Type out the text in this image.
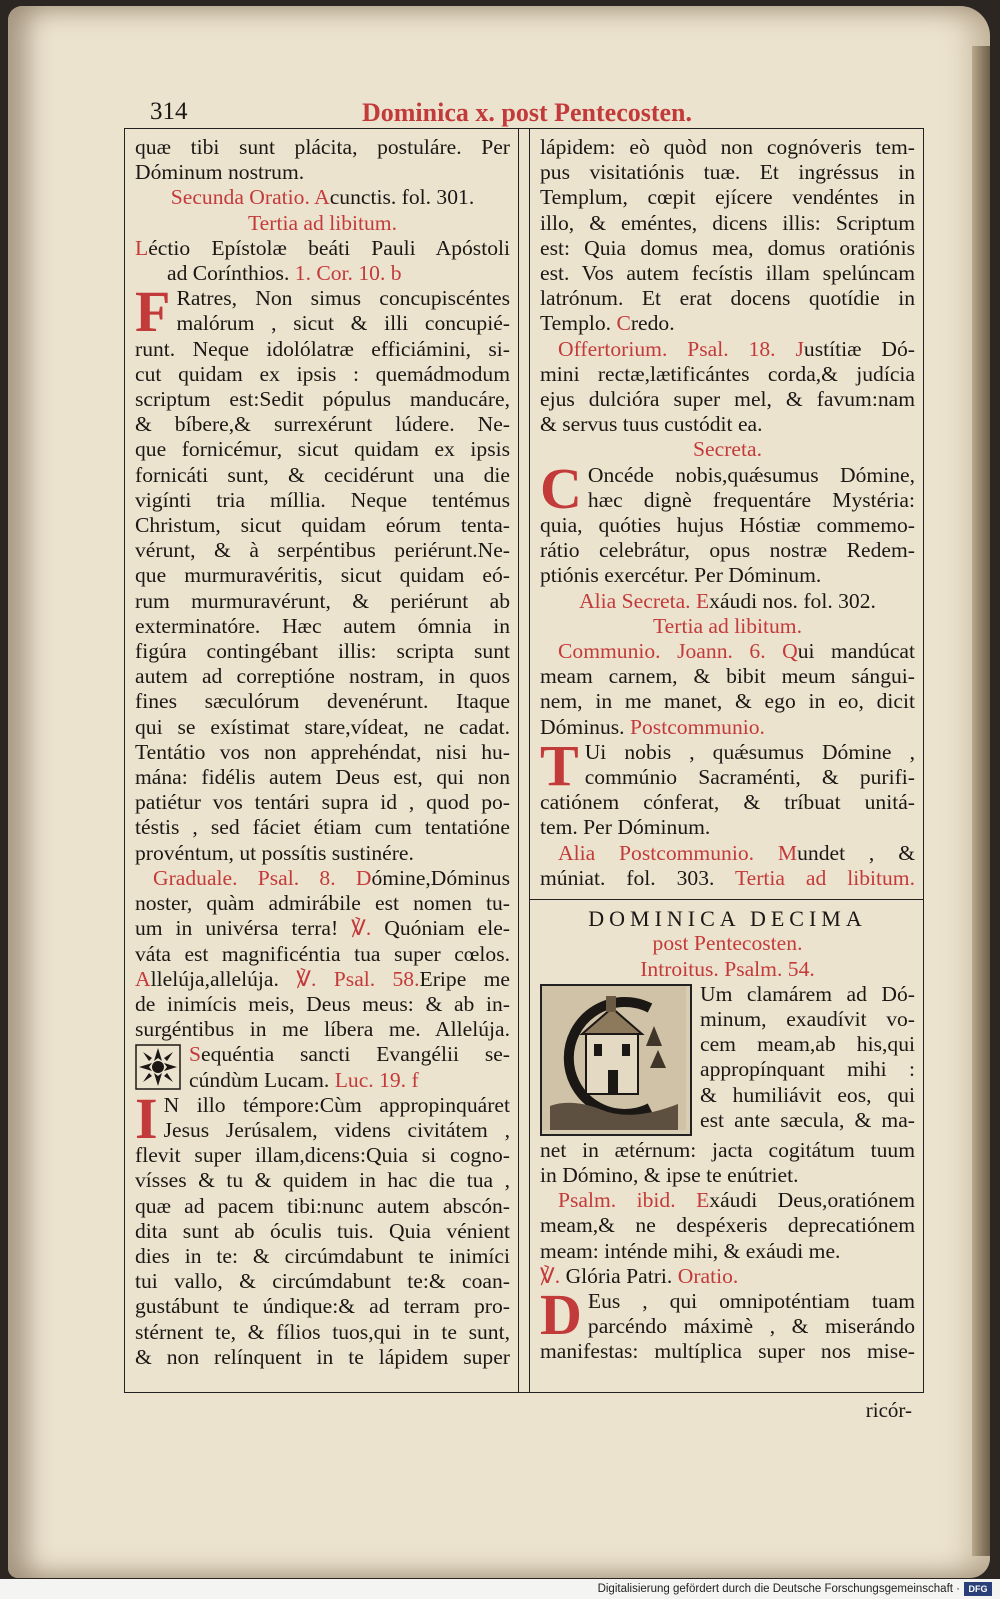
314	Dominica x. post Pentecosten.
quæ tibi sunt plácita, postuláre. Per
Dóminum nostrum.
Secunda Oratio. Acunctis. fol. 301.
Tertia ad libitum.
Léctio Epístolæ beáti Pauli Apóstoli
ad Corínthios. 1. Cor. 10. b
F Ratres, Non simus concupiscéntes
malórum , sicut & illi concupié-
runt. Neque idolólatræ efficiámini, si-
cut quidam ex ipsis : quemádmodum
scriptum est:Sedit pópulus manducáre,
& bíbere,& surrexérunt lúdere. Ne-
que fornicémur, sicut quidam ex ipsis
fornicáti sunt, & cecidérunt una die
vigínti tria míllia. Neque tentémus
Christum, sicut quidam eórum tenta-
vérunt, & à serpéntibus periérunt.Ne-
que murmuravéritis, sicut quidam eó-
rum murmuravérunt, & periérunt ab
exterminatóre. Hæc autem ómnia in
figúra contingébant illis: scripta sunt
autem ad correptióne nostram, in quos
fines sæculórum devenérunt. Itaque
qui se exístimat stare,vídeat, ne cadat.
Tentátio vos non apprehéndat, nisi hu-
mána: fidélis autem Deus est, qui non
patiétur vos tentári supra id , quod po-
téstis , sed fáciet étiam cum tentatióne
provéntum, ut possítis sustinére.
Graduale. Psal. 8. Dómine,Dóminus
noster, quàm admirábile est nomen tu-
um in univérsa terra! ℣. Quóniam ele-
váta est magnificéntia tua super cœlos.
Allelúja,allelúja. ℣. Psal. 58.Eripe me
de inimícis meis, Deus meus: & ab in-
surgéntibus in me líbera me. Allelúja.
Sequéntia sancti Evangélii se-
cúndùm Lucam. Luc. 19. f
I N illo témpore:Cùm appropinquáret
Jesus Jerúsalem, videns civitátem ,
flevit super illam,dicens:Quia si cogno-
vísses & tu & quidem in hac die tua ,
quæ ad pacem tibi:nunc autem abscón-
dita sunt ab óculis tuis. Quia vénient
dies in te: & circúmdabunt te inimíci
tui vallo, & circúmdabunt te:& coan-
gustábunt te úndique:& ad terram pro-
stérnent te, & fílios tuos,qui in te sunt,
& non relínquent in te lápidem super
lápidem: eò quòd non cognóveris tem-
pus visitatiónis tuæ. Et ingréssus in
Templum, cœpit ejícere vendéntes in
illo, & eméntes, dicens illis: Scriptum
est: Quia domus mea, domus oratiónis
est. Vos autem fecístis illam spelúncam
latrónum. Et erat docens quotídie in
Templo. Credo.
Offertorium. Psal. 18. Justítiæ Dó-
mini rectæ,lætificántes corda,& judícia
ejus dulcióra super mel, & favum:nam
& servus tuus custódit ea.
Secreta.
C Oncéde nobis,quǽsumus Dómine,
hæc dignè frequentáre Mystéria:
quia, quóties hujus Hóstiæ commemo-
rátio celebrátur, opus nostræ Redem-
ptiónis exercétur. Per Dóminum.
Alia Secreta. Exáudi nos. fol. 302.
Tertia ad libitum.
Communio. Joann. 6. Qui mandúcat
meam carnem, & bibit meum sángui-
nem, in me manet, & ego in eo, dicit
Dóminus. Postcommunio.
T Ui nobis , quǽsumus Dómine ,
commúnio Sacraménti, & purifi-
catiónem cónferat, & tríbuat unitá-
tem. Per Dóminum.
Alia Postcommunio. Mundet , &
múniat. fol. 303. Tertia ad libitum.
DOMINICA DECIMA
post Pentecosten.
Introitus. Psalm. 54.
Um clamárem ad Dó-
minum, exaudívit vo-
cem meam,ab his,qui
appropínquant mihi :
& humiliávit eos, qui
est ante sæcula, & ma-
net in ætérnum: jacta cogitátum tuum
in Dómino, & ipse te enútriet.
Psalm. ibid. Exáudi Deus,oratiónem
meam,& ne despéxeris deprecatiónem
meam: inténde mihi, & exáudi me.
℣. Glória Patri. Oratio.
D Eus , qui omnipoténtiam tuam
parcéndo máximè , & miserándo
manifestas: multíplica super nos mise-
ricór-
Digitalisierung gefördert durch die Deutsche Forschungsgemeinschaft · DFG
